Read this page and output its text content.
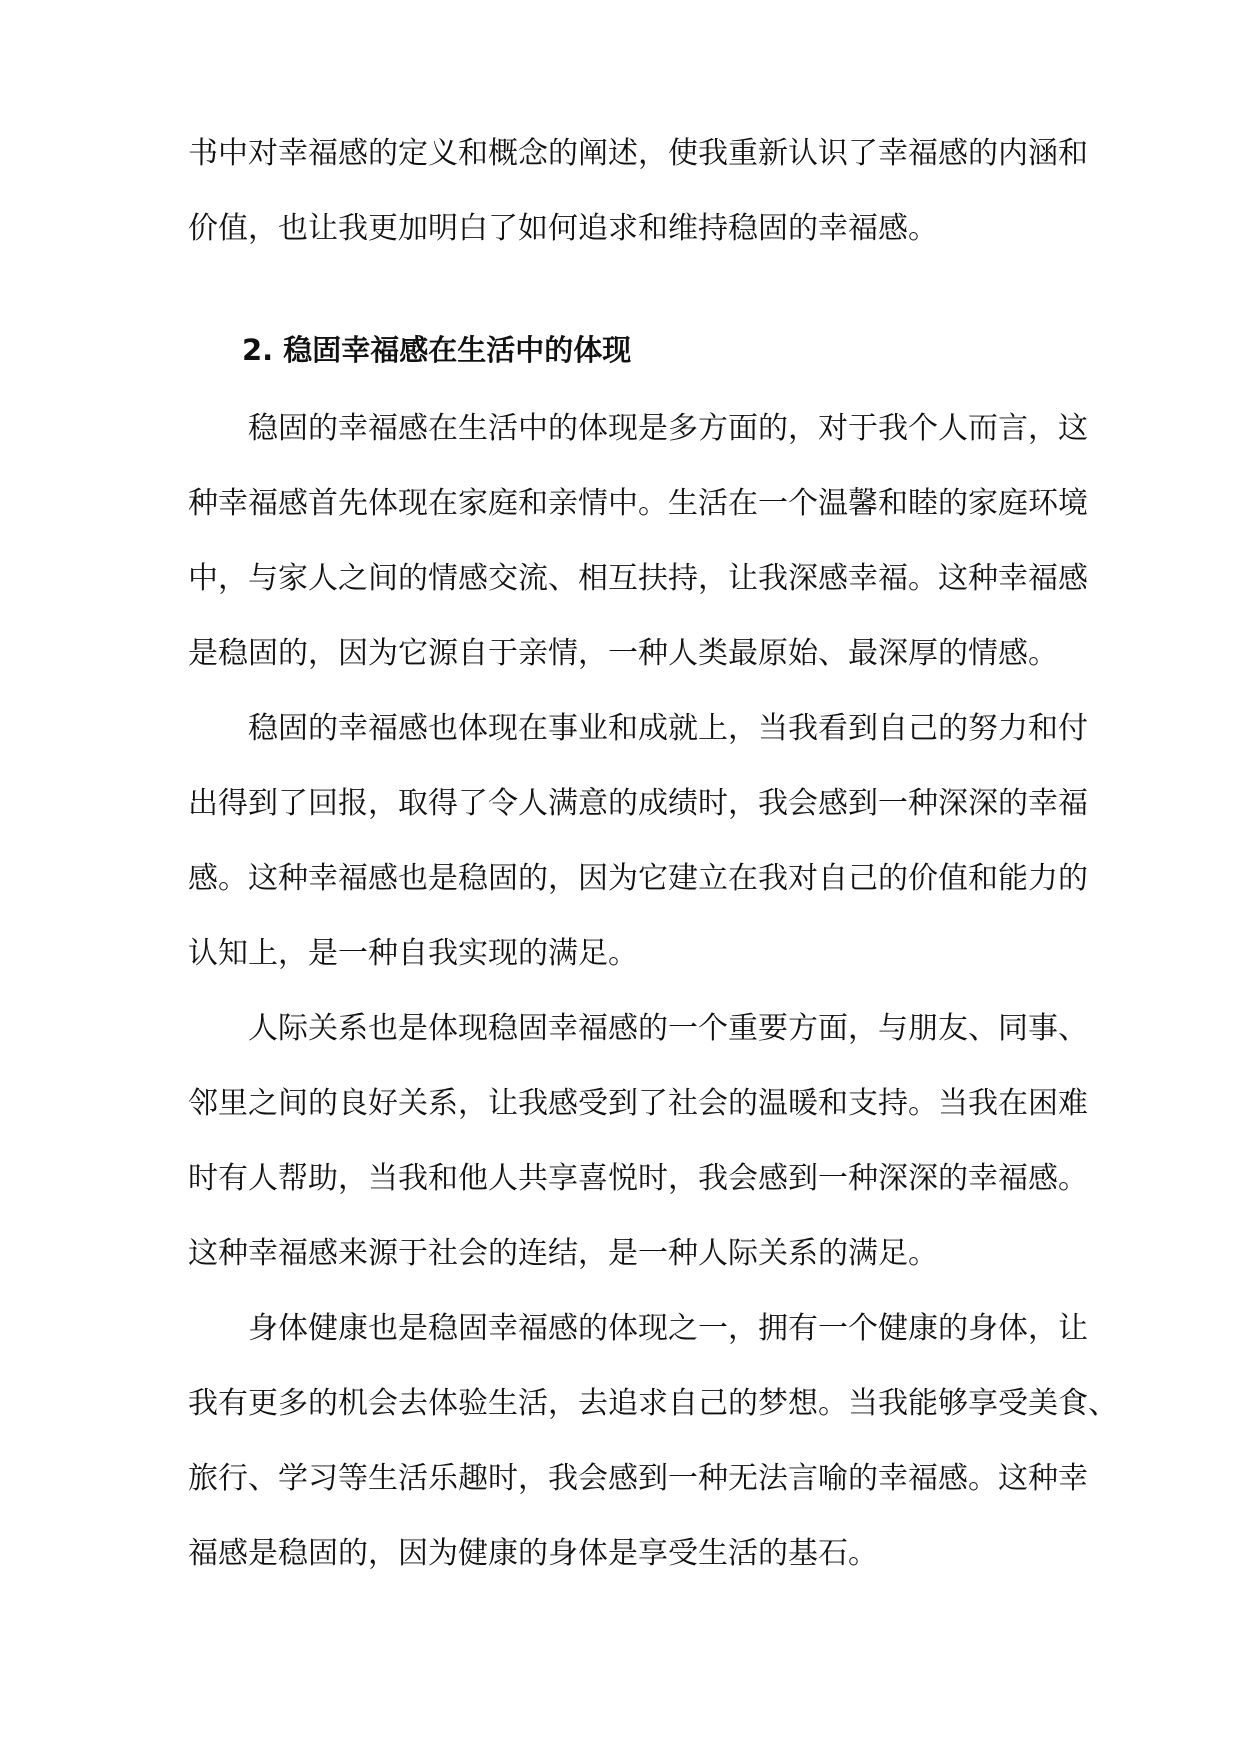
书中对幸福感的定义和概念的阐述，使我重新认识了幸福感的内涵和
价值，也让我更加明白了如何追求和维持稳固的幸福感。
2. 稳固幸福感在生活中的体现
稳固的幸福感在生活中的体现是多方面的，对于我个人而言，这
种幸福感首先体现在家庭和亲情中。生活在一个温馨和睦的家庭环境
中，与家人之间的情感交流、相互扶持，让我深感幸福。这种幸福感
是稳固的，因为它源自于亲情，一种人类最原始、最深厚的情感。
稳固的幸福感也体现在事业和成就上，当我看到自己的努力和付
出得到了回报，取得了令人满意的成绩时，我会感到一种深深的幸福
感。这种幸福感也是稳固的，因为它建立在我对自己的价值和能力的
认知上，是一种自我实现的满足。
人际关系也是体现稳固幸福感的一个重要方面，与朋友、同事、
邻里之间的良好关系，让我感受到了社会的温暖和支持。当我在困难
时有人帮助，当我和他人共享喜悦时，我会感到一种深深的幸福感。
这种幸福感来源于社会的连结，是一种人际关系的满足。
身体健康也是稳固幸福感的体现之一，拥有一个健康的身体，让
我有更多的机会去体验生活，去追求自己的梦想。当我能够享受美食、
旅行、学习等生活乐趣时，我会感到一种无法言喻的幸福感。这种幸
福感是稳固的，因为健康的身体是享受生活的基石。
